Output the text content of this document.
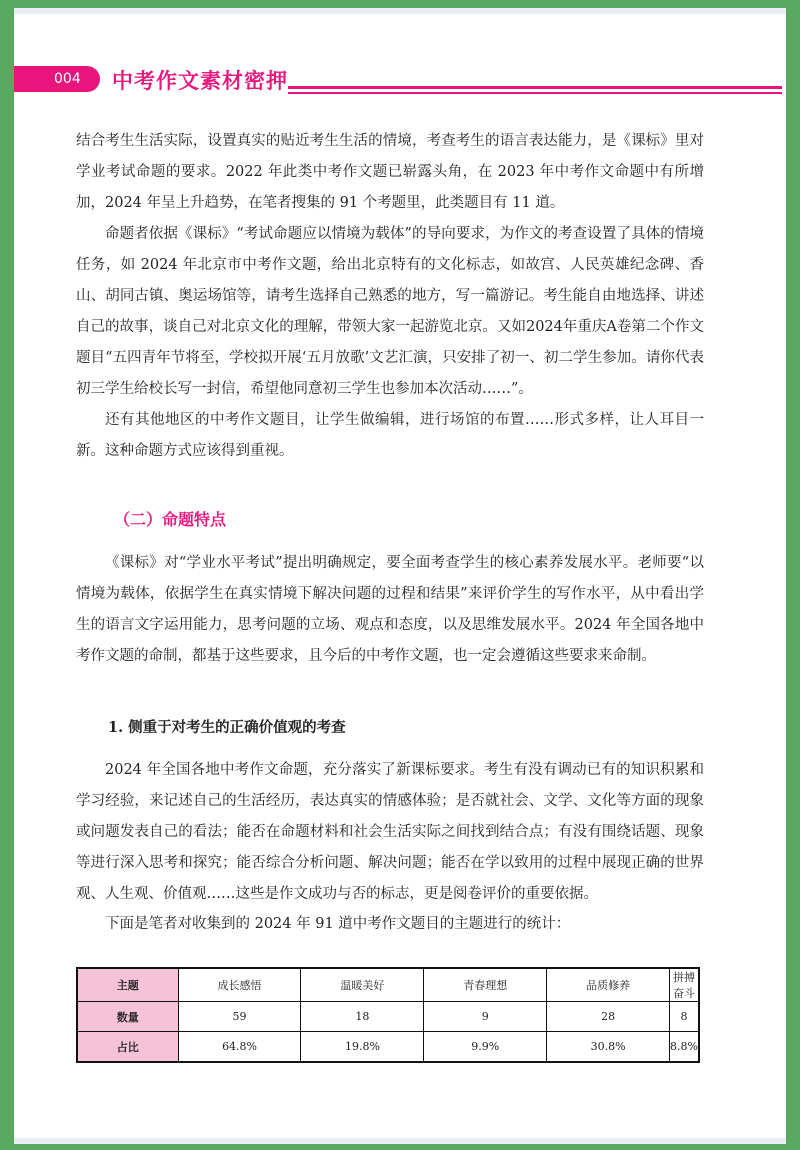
004	中考作文素材密押

结合考生生活实际，设置真实的贴近考生生活的情境，考查考生的语言表达能力，是《课标》里对学业考试命题的要求。2022 年此类中考作文题已崭露头角，在 2023 年中考作文命题中有所增加，2024 年呈上升趋势，在笔者搜集的 91 个考题里，此类题目有 11 道。

命题者依据《课标》“考试命题应以情境为载体”的导向要求，为作文的考查设置了具体的情境任务，如 2024 年北京市中考作文题，给出北京特有的文化标志，如故宫、人民英雄纪念碑、香山、胡同古镇、奥运场馆等，请考生选择自己熟悉的地方，写一篇游记。考生能自由地选择、讲述自己的故事，谈自己对北京文化的理解，带领大家一起游览北京。又如2024年重庆A卷第二个作文题目“五四青年节将至，学校拟开展‘五月放歌’文艺汇演，只安排了初一、初二学生参加。请你代表初三学生给校长写一封信，希望他同意初三学生也参加本次活动……”。

还有其他地区的中考作文题目，让学生做编辑，进行场馆的布置……形式多样，让人耳目一新。这种命题方式应该得到重视。

（二）命题特点

《课标》对“学业水平考试”提出明确规定，要全面考查学生的核心素养发展水平。老师要“以情境为载体，依据学生在真实情境下解决问题的过程和结果”来评价学生的写作水平，从中看出学生的语言文字运用能力，思考问题的立场、观点和态度，以及思维发展水平。2024 年全国各地中考作文题的命制，都基于这些要求，且今后的中考作文题，也一定会遵循这些要求来命制。

1. 侧重于对考生的正确价值观的考查

2024 年全国各地中考作文命题，充分落实了新课标要求。考生有没有调动已有的知识积累和学习经验，来记述自己的生活经历，表达真实的情感体验；是否就社会、文学、文化等方面的现象或问题发表自己的看法；能否在命题材料和社会生活实际之间找到结合点；有没有围绕话题、现象等进行深入思考和探究；能否综合分析问题、解决问题；能否在学以致用的过程中展现正确的世界观、人生观、价值观……这些是作文成功与否的标志，更是阅卷评价的重要依据。

下面是笔者对收集到的 2024 年 91 道中考作文题目的主题进行的统计：

主题	成长感悟	温暖美好	青春理想	品质修养	拼搏奋斗
数量	59	18	9	28	8
占比	64.8%	19.8%	9.9%	30.8%	8.8%
